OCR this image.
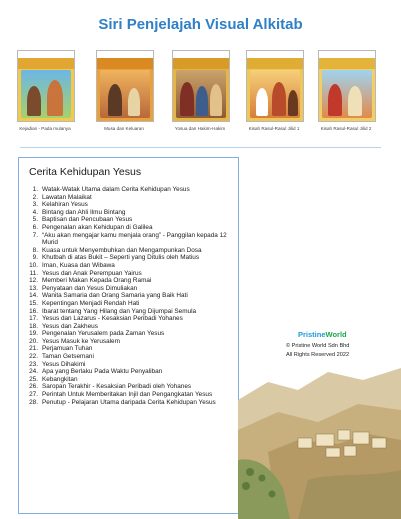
Siri Penjelajah Visual Alkitab
Kejadian - Pada mulanya	Musa dan Keluaran	Yosua dan Hakim-Hakim	Kisah Rasul-Rasul Jilid 1	Kisah Rasul-Rasul Jilid 2
Cerita Kehidupan Yesus
1. Watak-Watak Utama dalam Cerita Kehidupan Yesus
2. Lawatan Malaikat
3. Kelahiran Yesus
4. Bintang dan Ahli Ilmu Bintang
5. Baptisan dan Pencubaan Yesus
6. Pengenalan akan Kehidupan di Galilea
7. “Aku akan mengajar kamu menjala orang” - Panggilan kepada 12 Murid
8. Kuasa untuk Menyembuhkan dan Mengampunkan Dosa
9. Khutbah di atas Bukit – Seperti yang Ditulis oleh Matius
10. Iman, Kuasa dan Wibawa
11. Yesus dan Anak Perempuan Yairus
12. Memberi Makan Kepada Orang Ramai
13. Penyataan dan Yesus Dimuliakan
14. Wanita Samaria dan Orang Samaria yang Baik Hati
15. Kepentingan Menjadi Rendah Hati
16. Ibarat tentang Yang Hilang dan Yang Dijumpai Semula
17. Yesus dan Lazarus - Kesaksian Peribadi Yohanes
18. Yesus dan Zakheus
19. Pengenalan Yerusalem pada Zaman Yesus
20. Yesus Masuk ke Yerusalem
21. Perjamuan Tuhan
22. Taman Getsemani
23. Yesus Dihakimi
24. Apa yang Berlaku Pada Waktu Penyaliban
25. Kebangkitan
26. Saropan Terakhir - Kesaksian Peribadi oleh Yohanes
27. Perintah Untuk Memberitakan Injil dan Pengangkatan Yesus
28. Penutup - Pelajaran Utama daripada Cerita Kehidupan Yesus
PristineWorld
© Pristine World Sdn Bhd
All Rights Reserved 2022
